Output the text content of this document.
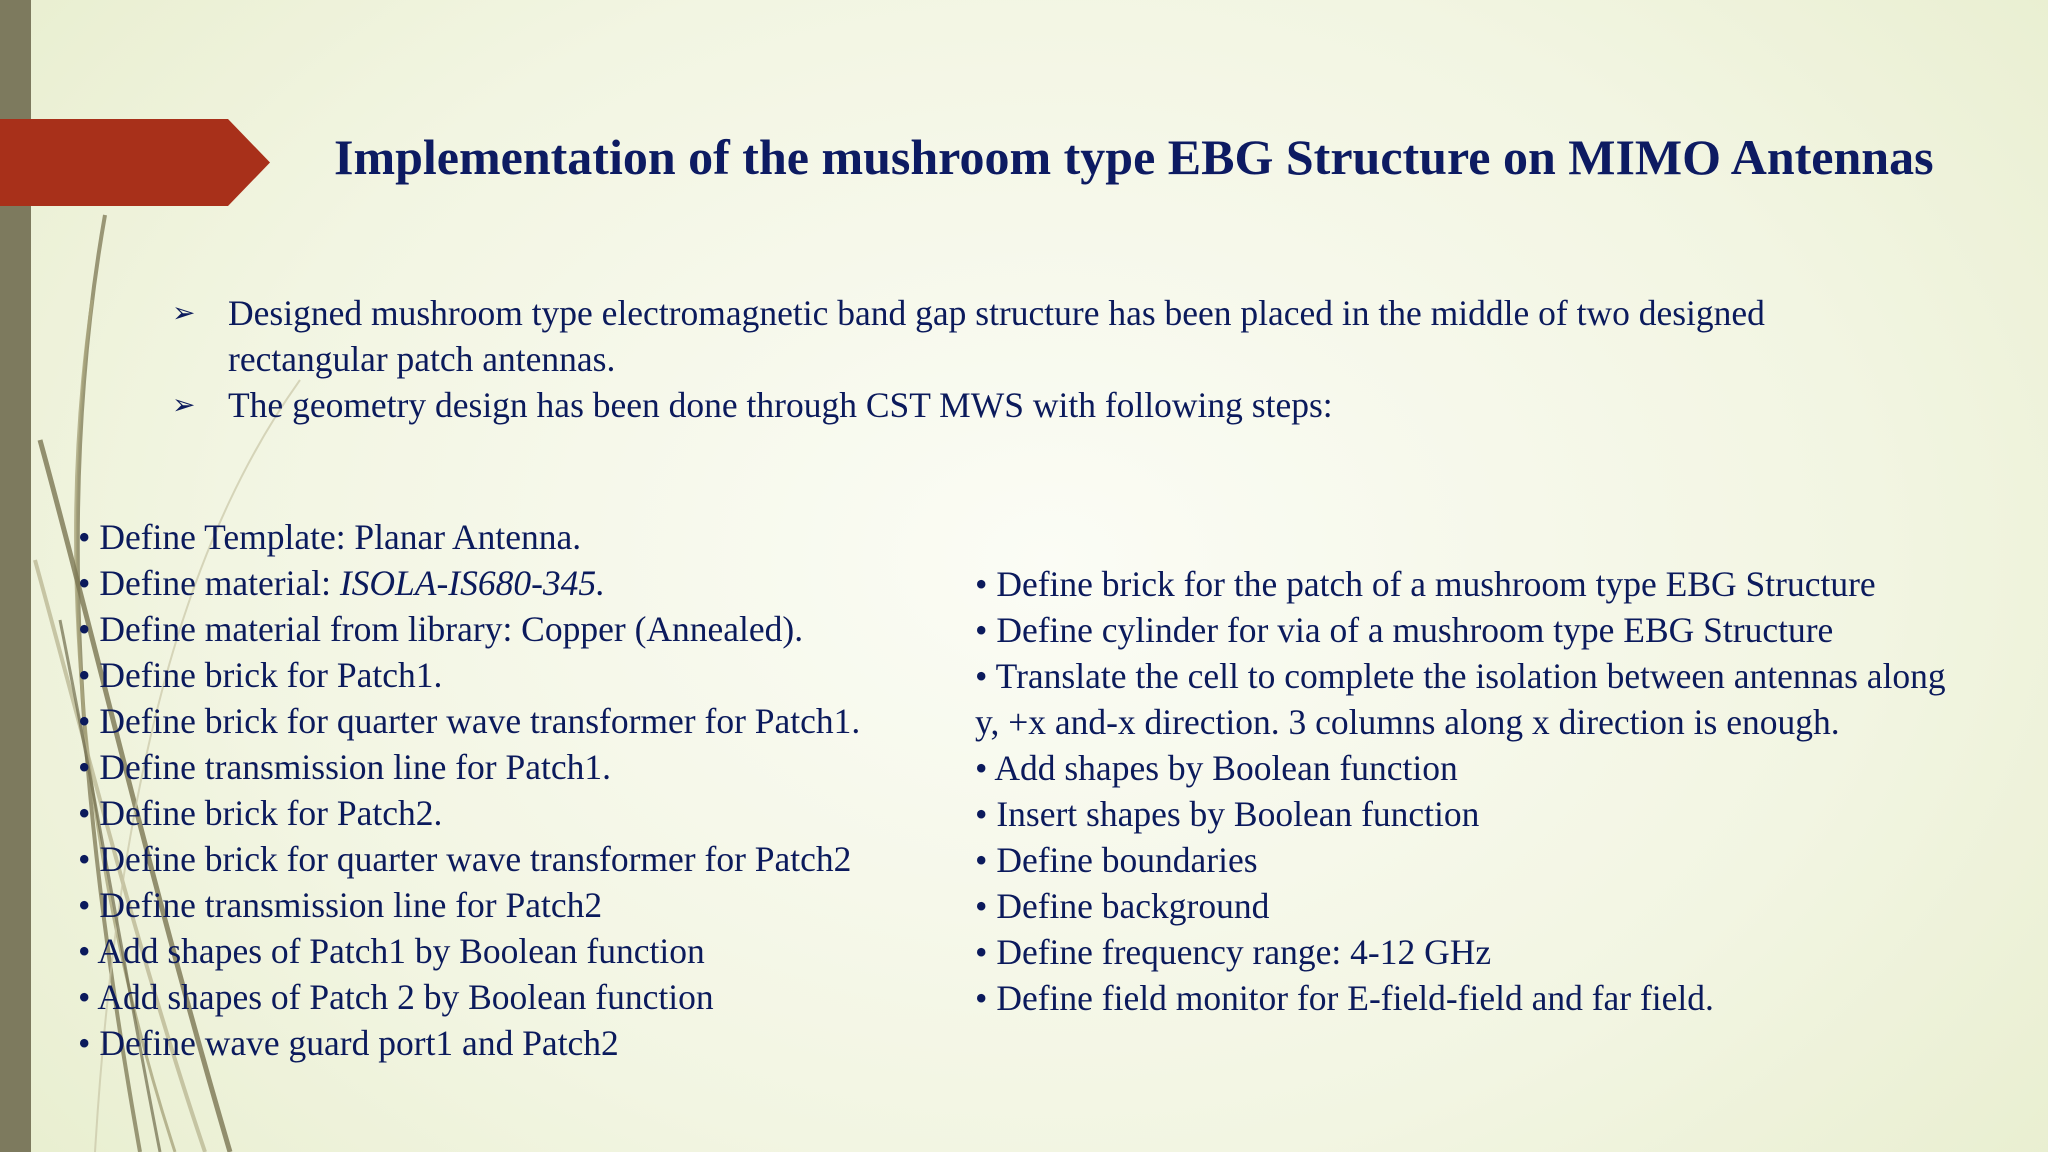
Implementation of the mushroom type EBG Structure on MIMO Antennas
➢ Designed mushroom type electromagnetic band gap structure has been placed in the middle of two designed rectangular patch antennas.
➢ The geometry design has been done through CST MWS with following steps:
• Define Template: Planar Antenna.
• Define material: ISOLA-IS680-345.
• Define material from library: Copper (Annealed).
• Define brick for Patch1.
• Define brick for quarter wave transformer for Patch1.
• Define transmission line for Patch1.
• Define brick for Patch2.
• Define brick for quarter wave transformer for Patch2
• Define transmission line for Patch2
• Add shapes of Patch1 by Boolean function
• Add shapes of Patch 2 by Boolean function
• Define wave guard port1 and Patch2
• Define brick for the patch of a mushroom type EBG Structure
• Define cylinder for via of a mushroom type EBG Structure
• Translate the cell to complete the isolation between antennas along
y, +x and-x direction. 3 columns along x direction is enough.
• Add shapes by Boolean function
• Insert shapes by Boolean function
• Define boundaries
• Define background
• Define frequency range: 4-12 GHz
• Define field monitor for E-field-field and far field.
